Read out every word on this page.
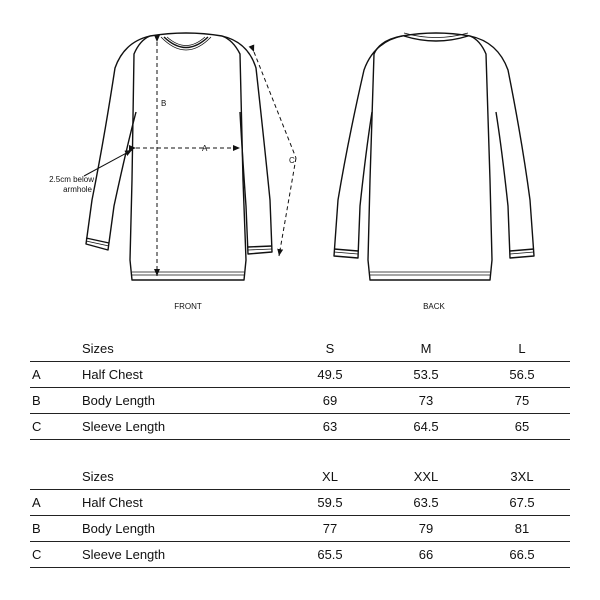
B
A
C
2.5cm below
armhole
FRONT	BACK
	Sizes	S	M	L
A	Half Chest	49.5	53.5	56.5
B	Body Length	69	73	75
C	Sleeve Length	63	64.5	65
	Sizes	XL	XXL	3XL
A	Half Chest	59.5	63.5	67.5
B	Body Length	77	79	81
C	Sleeve Length	65.5	66	66.5
